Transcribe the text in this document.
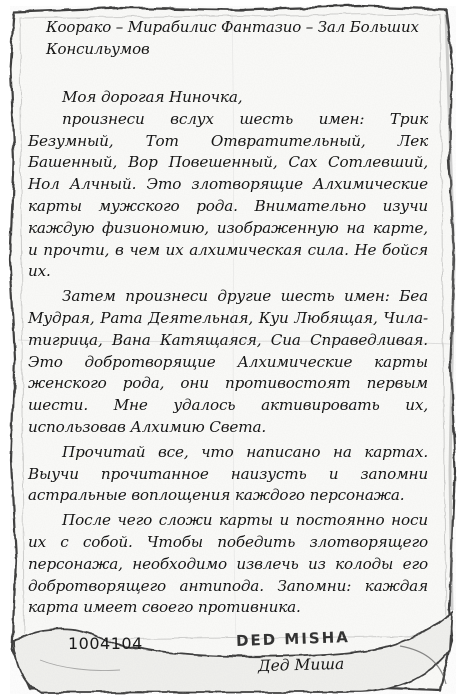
Коорако – Мирабилис Фантазио – Зал Больших Консильумов

Моя дорогая Ниночка,

произнеси вслух шесть имен: Трик Безумный, Тот Отвратительный, Лек Башенный, Вор Повешенный, Сах Сотлевший, Нол Алчный. Это злотворящие Алхимические карты мужского рода. Внимательно изучи каждую физиономию, изображенную на карте, и прочти, в чем их алхимическая сила. Не бойся их.

Затем произнеси другие шесть имен: Беа Мудрая, Рата Деятельная, Куи Любящая, Чила-тигрица, Вана Катящаяся, Сиа Справедливая. Это добротворящие Алхимические карты женского рода, они противостоят первым шести. Мне удалось активировать их, использовав Алхимию Света.

Прочитай все, что написано на картах. Выучи прочитанное наизусть и запомни астральные воплощения каждого персонажа.

После чего сложи карты и постоянно носи их с собой. Чтобы победить злотворящего персонажа, необходимо извлечь из колоды его добротворящего антипода. Запомни: каждая карта имеет своего противника.

1004104	DED MISHA
Дед Миша
